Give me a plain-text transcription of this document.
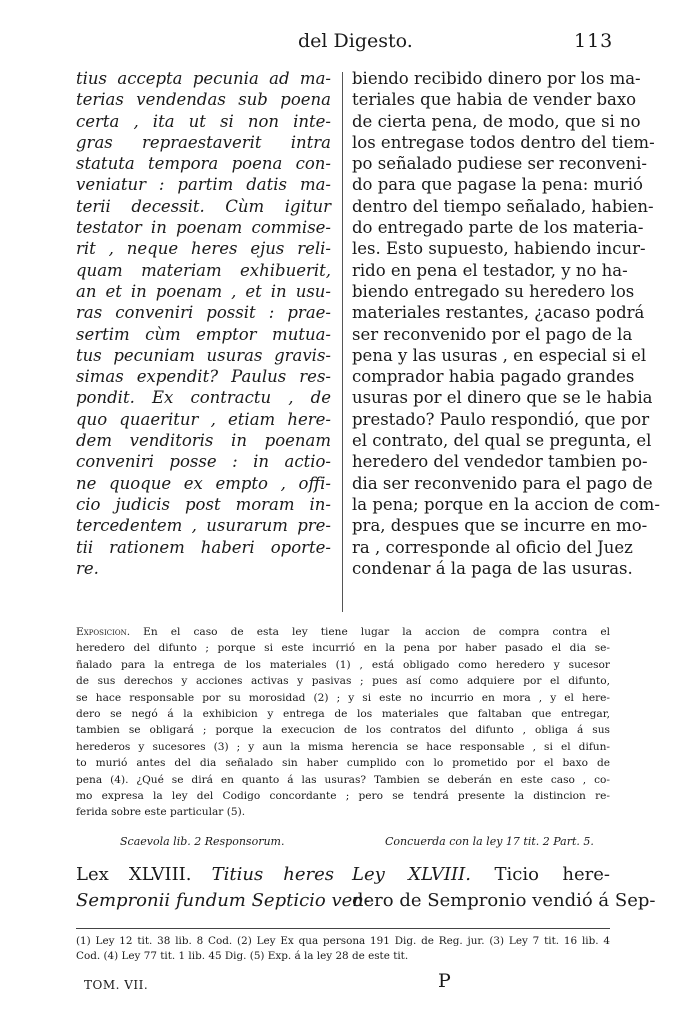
del Digesto.	113
tius accepta pecunia ad ma-
terias vendendas sub poena
certa , ita ut si non inte-
gras repraestaverit intra
statuta tempora poena con-
veniatur : partim datis ma-
terii decessit. Cùm igitur
testator in poenam commise-
rit , neque heres ejus reli-
quam materiam exhibuerit,
an et in poenam , et in usu-
ras conveniri possit : prae-
sertim cùm emptor mutua-
tus pecuniam usuras gravis-
simas expendit? Paulus res-
pondit. Ex contractu , de
quo quaeritur , etiam here-
dem venditoris in poenam
conveniri posse : in actio-
ne quoque ex empto , offi-
cio judicis post moram in-
tercedentem , usurarum pre-
tii rationem haberi oporte-
re.
biendo recibido dinero por los ma-
teriales que habia de vender baxo
de cierta pena, de modo, que si no
los entregase todos dentro del tiem-
po señalado pudiese ser reconveni-
do para que pagase la pena: murió
dentro del tiempo señalado, habien-
do entregado parte de los materia-
les. Esto supuesto, habiendo incur-
rido en pena el testador, y no ha-
biendo entregado su heredero los
materiales restantes, ¿acaso podrá
ser reconvenido por el pago de la
pena y las usuras , en especial si el
comprador habia pagado grandes
usuras por el dinero que se le habia
prestado? Paulo respondió, que por
el contrato, del qual se pregunta, el
heredero del vendedor tambien po-
dia ser reconvenido para el pago de
la pena; porque en la accion de com-
pra, despues que se incurre en mo-
ra , corresponde al oficio del Juez
condenar á la paga de las usuras.
Exposicion. En el caso de esta ley tiene lugar la accion de compra contra el
heredero del difunto ; porque si este incurrió en la pena por haber pasado el dia se-
ñalado para la entrega de los materiales (1) , está obligado como heredero y sucesor
de sus derechos y acciones activas y pasivas ; pues así como adquiere por el difunto,
se hace responsable por su morosidad (2) ; y si este no incurrio en mora , y el here-
dero se negó á la exhibicion y entrega de los materiales que faltaban que entregar,
tambien se obligará ; porque la execucion de los contratos del difunto , obliga á sus
herederos y sucesores (3) ; y aun la misma herencia se hace responsable , si el difun-
to murió antes del dia señalado sin haber cumplido con lo prometido por el baxo de
pena (4). ¿Qué se dirá en quanto á las usuras? Tambien se deberán en este caso , co-
mo expresa la ley del Codigo concordante ; pero se tendrá presente la distincion re-
ferida sobre este particular (5).
Scaevola lib. 2 Responsorum.	Concuerda con la ley 17 tit. 2 Part. 5.
Lex XLVIII. Titius heres
Sempronii fundum Septicio ven-
Ley XLVIII. Ticio here-
dero de Sempronio vendió á Sep-
(1) Ley 12 tit. 38 lib. 8 Cod. (2) Ley Ex qua persona 191 Dig. de Reg. jur. (3) Ley 7 tit. 16 lib. 4
Cod. (4) Ley 77 tit. 1 lib. 45 Dig. (5) Exp. á la ley 28 de este tit.
TOM. VII.	P
